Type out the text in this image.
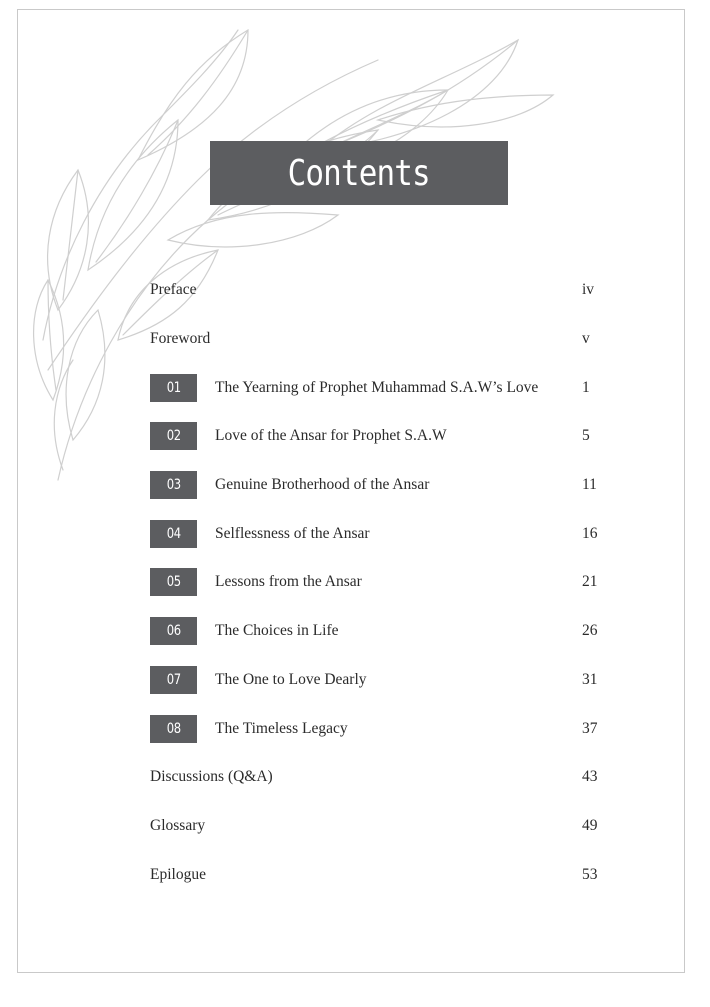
Contents
Preface	iv
Foreword	v
01 The Yearning of Prophet Muhammad S.A.W’s Love	1
02 Love of the Ansar for Prophet S.A.W	5
03 Genuine Brotherhood of the Ansar	11
04 Selflessness of the Ansar	16
05 Lessons from the Ansar	21
06 The Choices in Life	26
07 The One to Love Dearly	31
08 The Timeless Legacy	37
Discussions (Q&A)	43
Glossary	49
Epilogue	53
